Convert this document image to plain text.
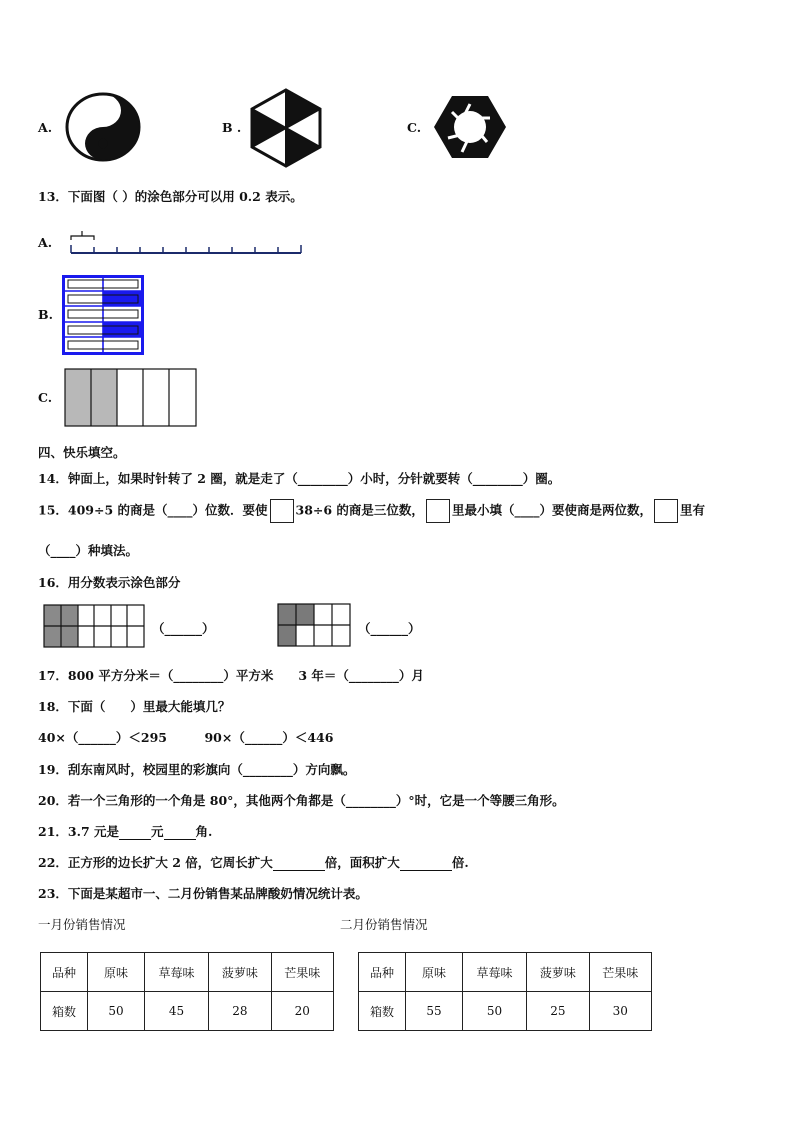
A.	B .	C.
13．下面图（ ）的涂色部分可以用 0.2 表示。
A.
B.
C.
四、快乐填空。
14．钟面上，如果时针转了 2 圈，就是走了（________）小时，分针就要转（________）圈。
15．409÷5 的商是（____）位数．要使 38÷6 的商是三位数， 里最小填（____）要使商是两位数， 里有
（____）种填法。
16．用分数表示涂色部分
（______）	（______）
17．800 平方分米＝（________）平方米　　3 年＝（________）月
18．下面（　　）里最大能填几？
40×（______）＜295　　　90×（______）＜446
19．刮东南风时，校园里的彩旗向（________）方向飘。
20．若一个三角形的一个角是 80°，其他两个角都是（________）°时，它是一个等腰三角形。
21．3.7 元是	元	角.
22．正方形的边长扩大 2 倍，它周长扩大	倍，面积扩大	倍.
23．下面是某超市一、二月份销售某品牌酸奶情况统计表。
一月份销售情况	二月份销售情况
品种	原味	草莓味	菠萝味	芒果味
箱数	50	45	28	20
品种	原味	草莓味	菠萝味	芒果味
箱数	55	50	25	30
